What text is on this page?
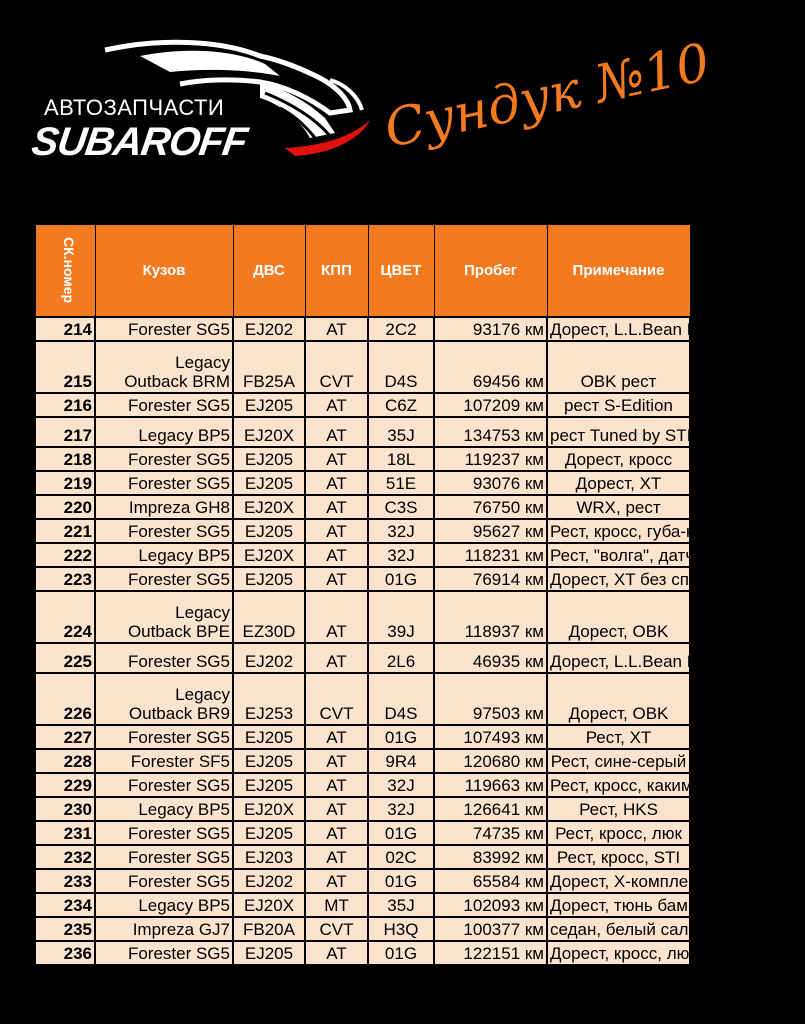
АВТОЗАПЧАСТИ
SUBAROFF	Сундук №10
СК.номер	Кузов	ДВС	КПП	ЦВЕТ	Пробег	Примечание
214	Forester SG5	EJ202	AT	2C2	93176 км	Дорест, L.L.Bean Красно-серый
215	Legacy
Outback BRM	FB25A	CVT	D4S	69456 км	OBK рест
216	Forester SG5	EJ205	AT	C6Z	107209 км	рест S-Edition
217	Legacy BP5	EJ20X	AT	35J	134753 км	рест Tuned by STI, Brembo black
218	Forester SG5	EJ205	AT	18L	119237 км	Дорест, кросс
219	Forester SG5	EJ205	AT	51E	93076 км	Дорест, XT
220	Impreza GH8	EJ20X	AT	C3S	76750 км	WRX, рест
221	Forester SG5	EJ205	AT	32J	95627 км	Рест, кросс, губа-карбон
222	Legacy BP5	EJ20X	AT	32J	118231 км	Рест, "волга", датчики
223	Forester SG5	EJ205	AT	01G	76914 км	Дорест, XT без спойлера
224	Legacy
Outback BPE	EZ30D	AT	39J	118937 км	Дорест, OBK
225	Forester SG5	EJ202	AT	2L6	46935 км	Дорест, L.L.Bean Бело-серый
226	Legacy
Outback BR9	EJ253	CVT	D4S	97503 км	Дорест, OBK
227	Forester SG5	EJ205	AT	01G	107493 км	Рест, XT
228	Forester SF5	EJ205	AT	9R4	120680 км	Рест, сине-серый
229	Forester SG5	EJ205	AT	32J	119663 км	Рест, кросс, какимото
230	Legacy BP5	EJ20X	AT	32J	126641 км	Рест, HKS
231	Forester SG5	EJ205	AT	01G	74735 км	Рест, кросс, люк
232	Forester SG5	EJ203	AT	02C	83992 км	Рест, кросс, STI
233	Forester SG5	EJ202	AT	01G	65584 км	Дорест, X-комплект
234	Legacy BP5	EJ20X	MT	35J	102093 км	Дорест, тюнь бампера
235	Impreza GJ7	FB20A	CVT	H3Q	100377 км	седан, белый салон
236	Forester SG5	EJ205	AT	01G	122151 км	Дорест, кросс, люк
